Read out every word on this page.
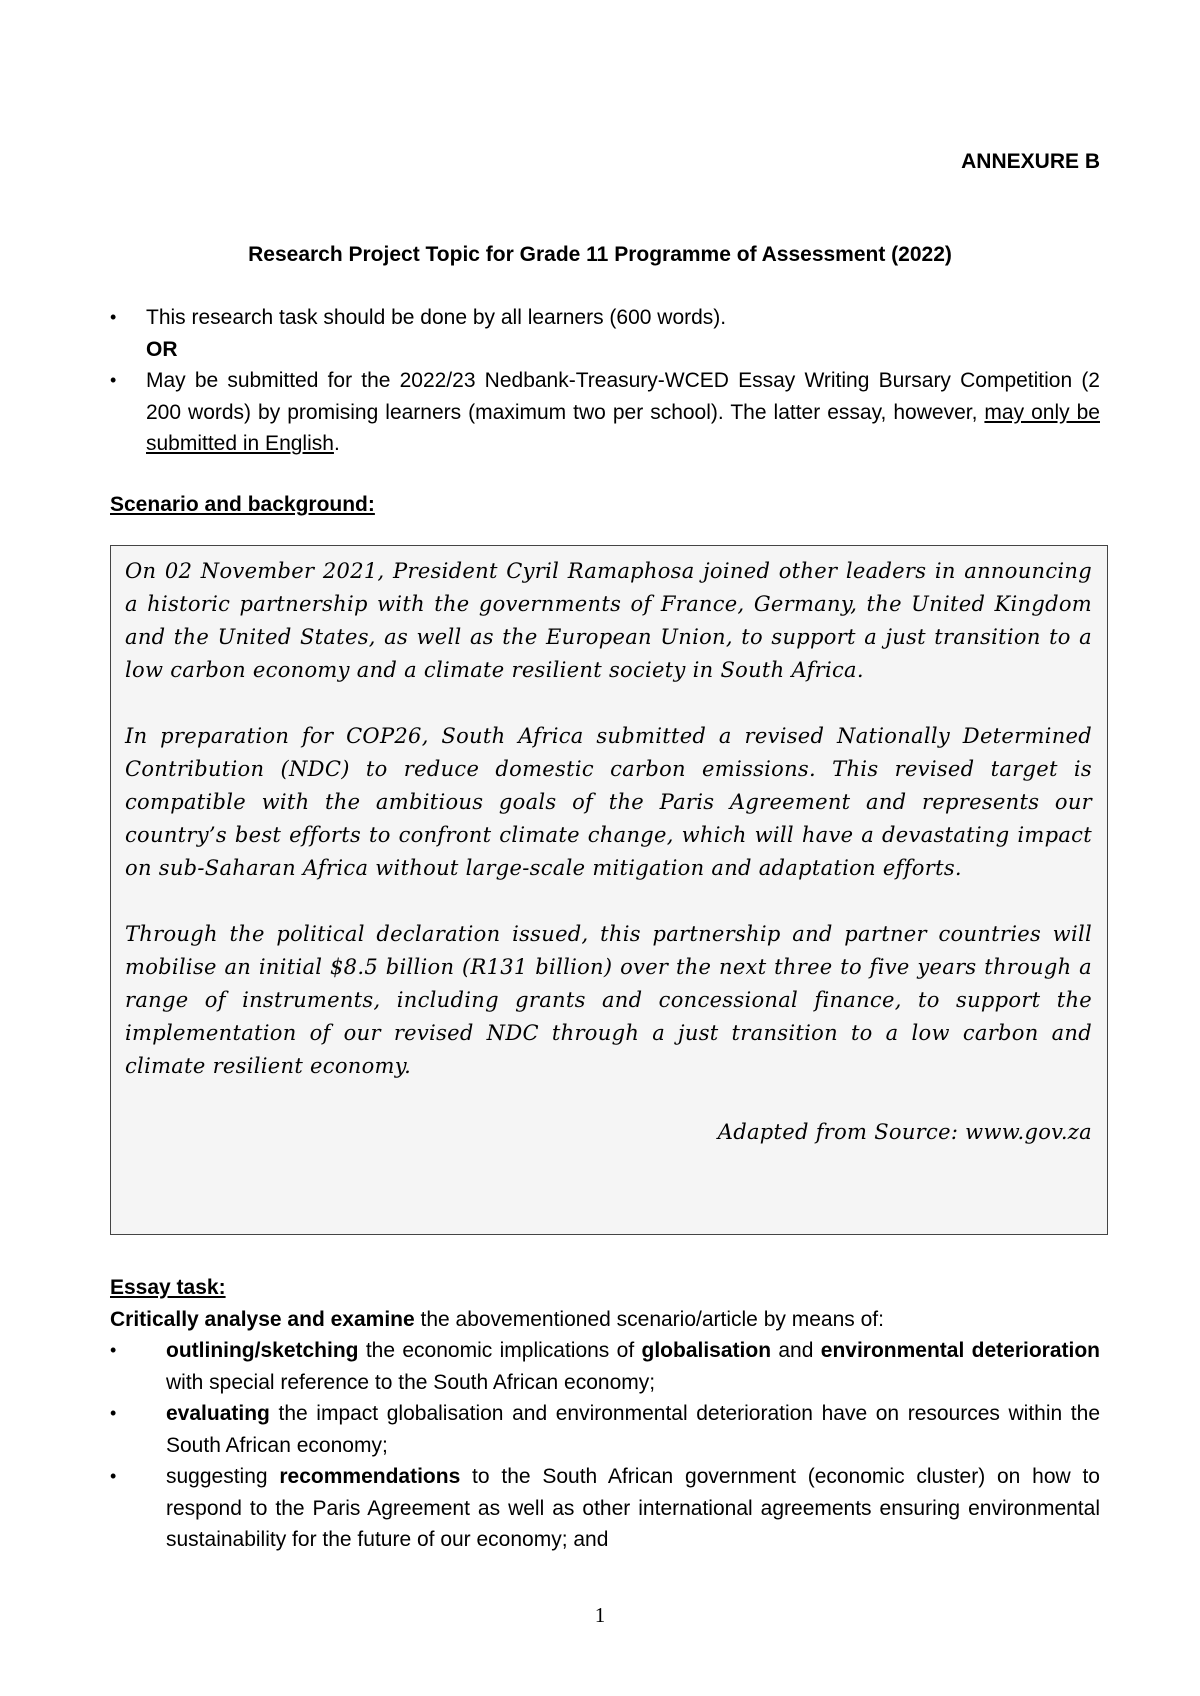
ANNEXURE B
Research Project Topic for Grade 11 Programme of Assessment (2022)
• This research task should be done by all learners (600 words).
OR
• May be submitted for the 2022/23 Nedbank-Treasury-WCED Essay Writing Bursary Competition (2 200 words) by promising learners (maximum two per school). The latter essay, however, may only be submitted in English.
Scenario and background:

On 02 November 2021, President Cyril Ramaphosa joined other leaders in announcing a historic partnership with the governments of France, Germany, the United Kingdom and the United States, as well as the European Union, to support a just transition to a low carbon economy and a climate resilient society in South Africa.

In preparation for COP26, South Africa submitted a revised Nationally Determined Contribution (NDC) to reduce domestic carbon emissions. This revised target is compatible with the ambitious goals of the Paris Agreement and represents our country’s best efforts to confront climate change, which will have a devastating impact on sub-Saharan Africa without large-scale mitigation and adaptation efforts.

Through the political declaration issued, this partnership and partner countries will mobilise an initial $8.5 billion (R131 billion) over the next three to five years through a range of instruments, including grants and concessional finance, to support the implementation of our revised NDC through a just transition to a low carbon and climate resilient economy.

Adapted from Source: www.gov.za

Essay task:
Critically analyse and examine the abovementioned scenario/article by means of:
• outlining/sketching the economic implications of globalisation and environmental deterioration with special reference to the South African economy;
• evaluating the impact globalisation and environmental deterioration have on resources within the South African economy;
• suggesting recommendations to the South African government (economic cluster) on how to respond to the Paris Agreement as well as other international agreements ensuring environmental sustainability for the future of our economy; and
1
